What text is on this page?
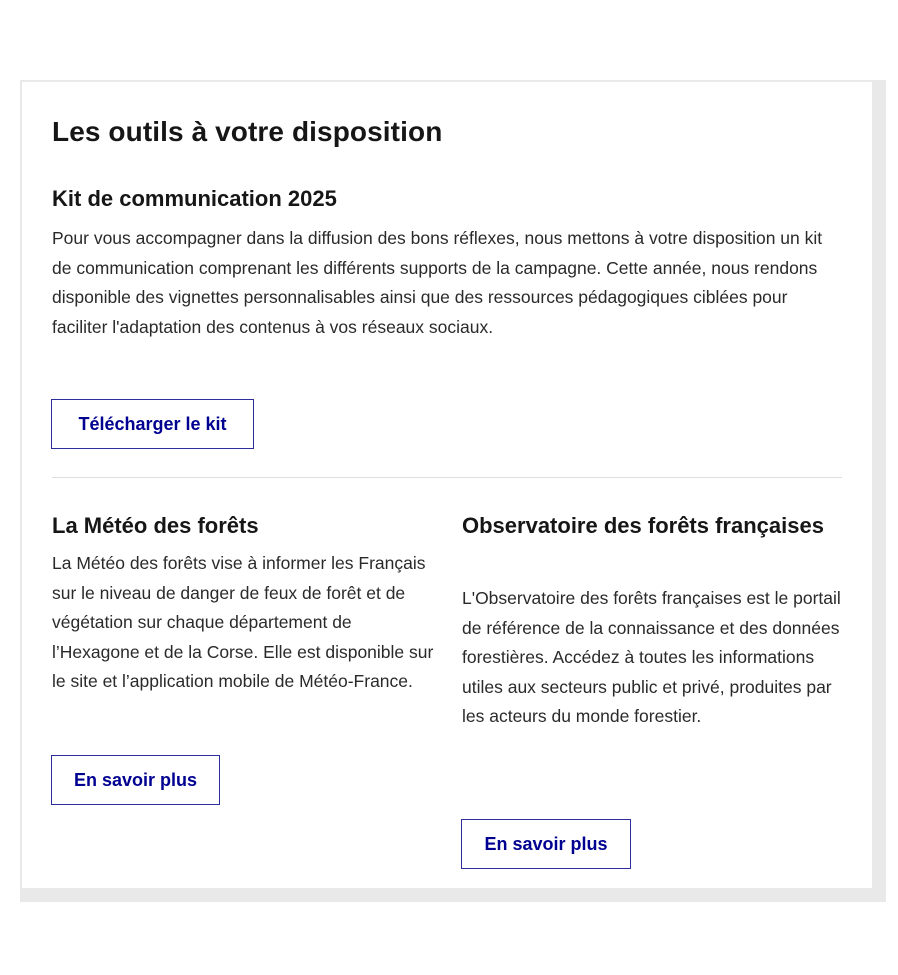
Les outils à votre disposition
Kit de communication 2025

Pour vous accompagner dans la diffusion des bons réflexes, nous mettons à votre disposition un kit de communication comprenant les différents supports de la campagne. Cette année, nous rendons disponible des vignettes personnalisables ainsi que des ressources pédagogiques ciblées pour faciliter l'adaptation des contenus à vos réseaux sociaux.

Télécharger le kit
La Météo des forêts

La Météo des forêts vise à informer les Français sur le niveau de danger de feux de forêt et de végétation sur chaque département de l’Hexagone et de la Corse. Elle est disponible sur le site et l’application mobile de Météo-France.

En savoir plus
Observatoire des forêts françaises

L'Observatoire des forêts françaises est le portail de référence de la connaissance et des données forestières. Accédez à toutes les informations utiles aux secteurs public et privé, produites par les acteurs du monde forestier.

En savoir plus
